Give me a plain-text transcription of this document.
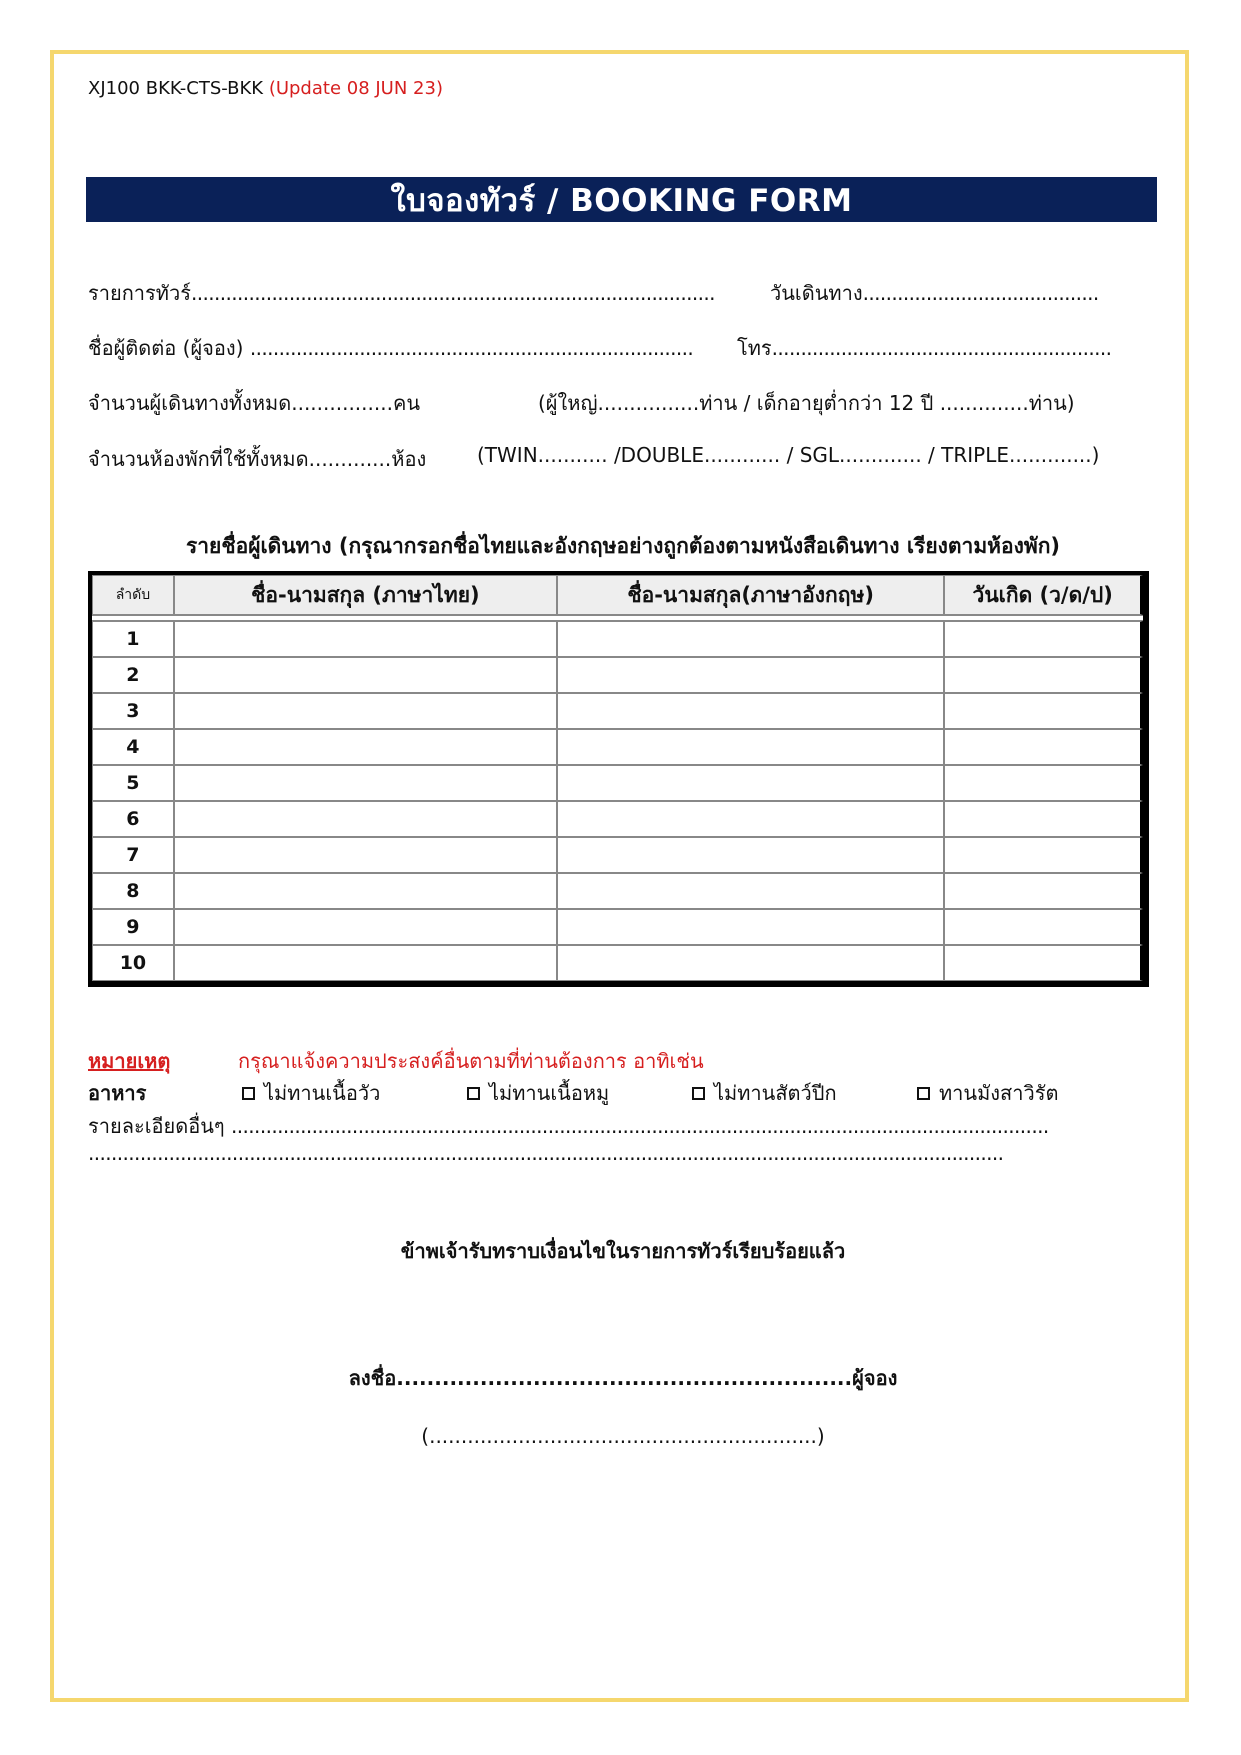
XJ100 BKK-CTS-BKK (Update 08 JUN 23)
ใบจองทัวร์ / BOOKING FORM
รายการทัวร์...........................................................................................	วันเดินทาง.........................................
ชื่อผู้ติดต่อ (ผู้จอง) ............................................................................. โทร...........................................................
จำนวนผู้เดินทางทั้งหมด................คน	(ผู้ใหญ่................ท่าน / เด็กอายุต่ำกว่า 12 ปี ..............ท่าน)
จำนวนห้องพักที่ใช้ทั้งหมด.............ห้อง	(TWIN........... /DOUBLE............ / SGL............. / TRIPLE.............)
รายชื่อผู้เดินทาง (กรุณากรอกชื่อไทยและอังกฤษอย่างถูกต้องตามหนังสือเดินทาง เรียงตามห้องพัก)
ลำดับ	ชื่อ-นามสกุล (ภาษาไทย)	ชื่อ-นามสกุล(ภาษาอังกฤษ)	วันเกิด (ว/ด/ป)

1			
2			
3			
4			
5			
6			
7			
8			
9			
10			
หมายเหตุ	กรุณาแจ้งความประสงค์อื่นตามที่ท่านต้องการ อาทิเช่น
อาหาร	ไม่ทานเนื้อวัว	ไม่ทานเนื้อหมู	ไม่ทานสัตว์ปีก	ทานมังสาวิรัต
รายละเอียดอื่นๆ ..............................................................................................................................................
...............................................................................................................................................................
ข้าพเจ้ารับทราบเงื่อนไขในรายการทัวร์เรียบร้อยแล้ว
ลงชื่อ............................................................ผู้จอง
(.............................................................)
